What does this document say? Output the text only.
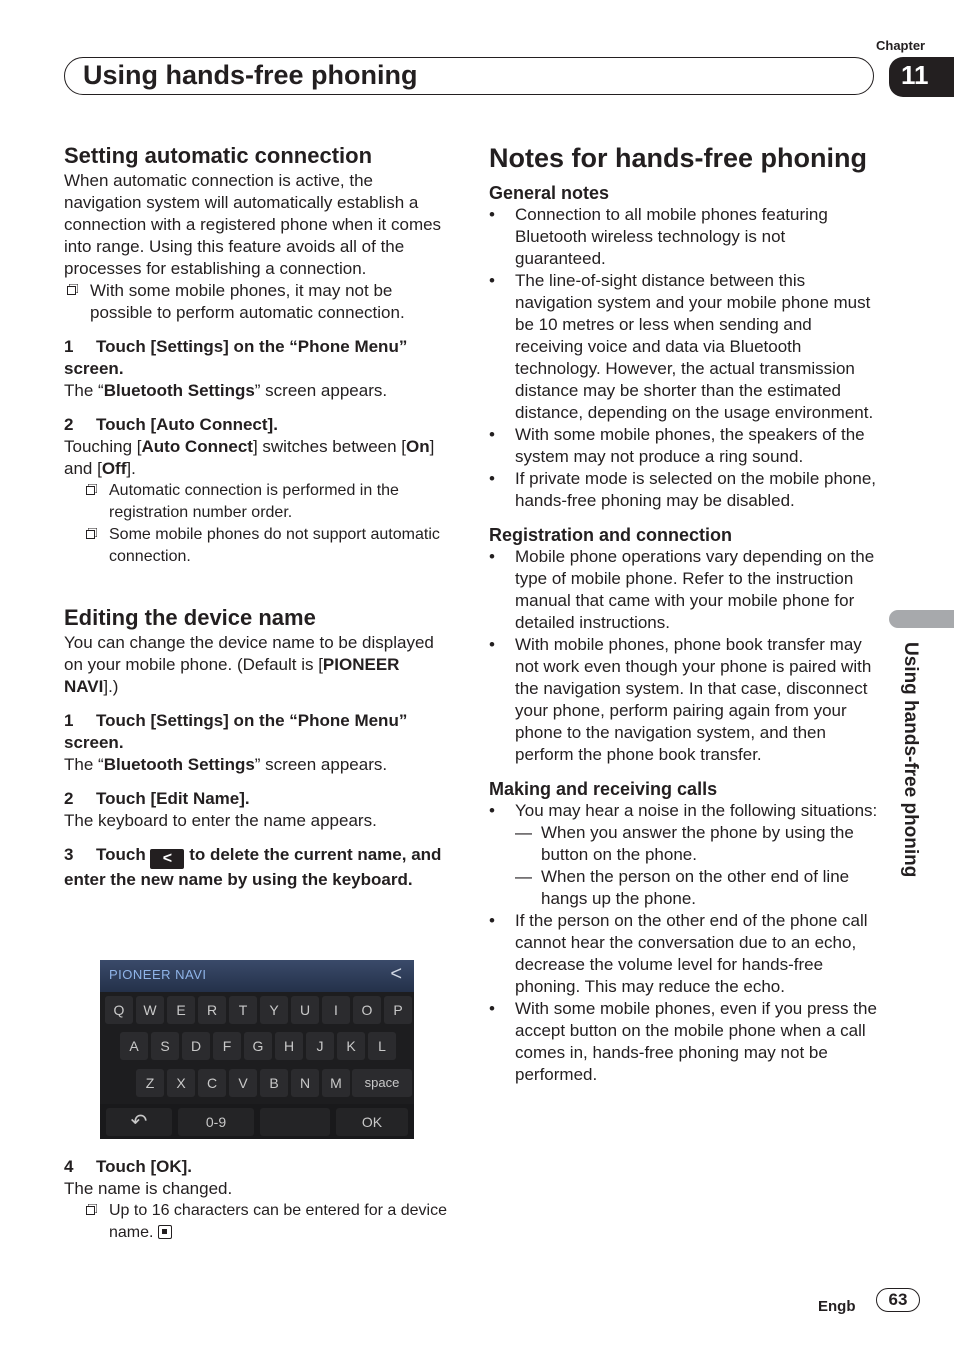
Chapter
Using hands-free phoning	11
Using hands-free phoning
Setting automatic connection

When automatic connection is active, the navigation system will automatically establish a connection with a registered phone when it comes into range. Using this feature avoids all of the processes for establishing a connection.

With some mobile phones, it may not be possible to perform automatic connection.
1 Touch [Settings] on the “Phone Menu” screen.

The “Bluetooth Settings” screen appears.

2 Touch [Auto Connect].

Touching [Auto Connect] switches between [On] and [Off].

Automatic connection is performed in the registration number order.
Some mobile phones do not support automatic connection.
Editing the device name

You can change the device name to be displayed on your mobile phone. (Default is [PIONEER NAVI].)

1 Touch [Settings] on the “Phone Menu” screen.

The “Bluetooth Settings” screen appears.

2 Touch [Edit Name].

The keyboard to enter the name appears.

3 Touch < to delete the current name, and enter the new name by using the keyboard.
PIONEER NAVI	<
Q	W	E	R	T	Y	U	I	O	P
A	S	D	F	G	H	J	K	L
Z	X	C	V	B	N	M	space
↶	0-9	OK
4 Touch [OK].

The name is changed.

Up to 16 characters can be entered for a device name.
Notes for hands-free phoning
General notes
• Connection to all mobile phones featuring Bluetooth wireless technology is not guaranteed.
• The line-of-sight distance between this navigation system and your mobile phone must be 10 metres or less when sending and receiving voice and data via Bluetooth technology. However, the actual transmission distance may be shorter than the estimated distance, depending on the usage environment.
• With some mobile phones, the speakers of the system may not produce a ring sound.
• If private mode is selected on the mobile phone, hands-free phoning may be disabled.
Registration and connection
• Mobile phone operations vary depending on the type of mobile phone. Refer to the instruction manual that came with your mobile phone for detailed instructions.
• With mobile phones, phone book transfer may not work even though your phone is paired with the navigation system. In that case, disconnect your phone, perform pairing again from your phone to the navigation system, and then perform the phone book transfer.
Making and receiving calls
• You may hear a noise in the following situations:
— When you answer the phone by using the button on the phone.
— When the person on the other end of line hangs up the phone.
• If the person on the other end of the phone call cannot hear the conversation due to an echo, decrease the volume level for hands-free phoning. This may reduce the echo.
• With some mobile phones, even if you press the accept button on the mobile phone when a call comes in, hands-free phoning may not be performed.
Engb	63
